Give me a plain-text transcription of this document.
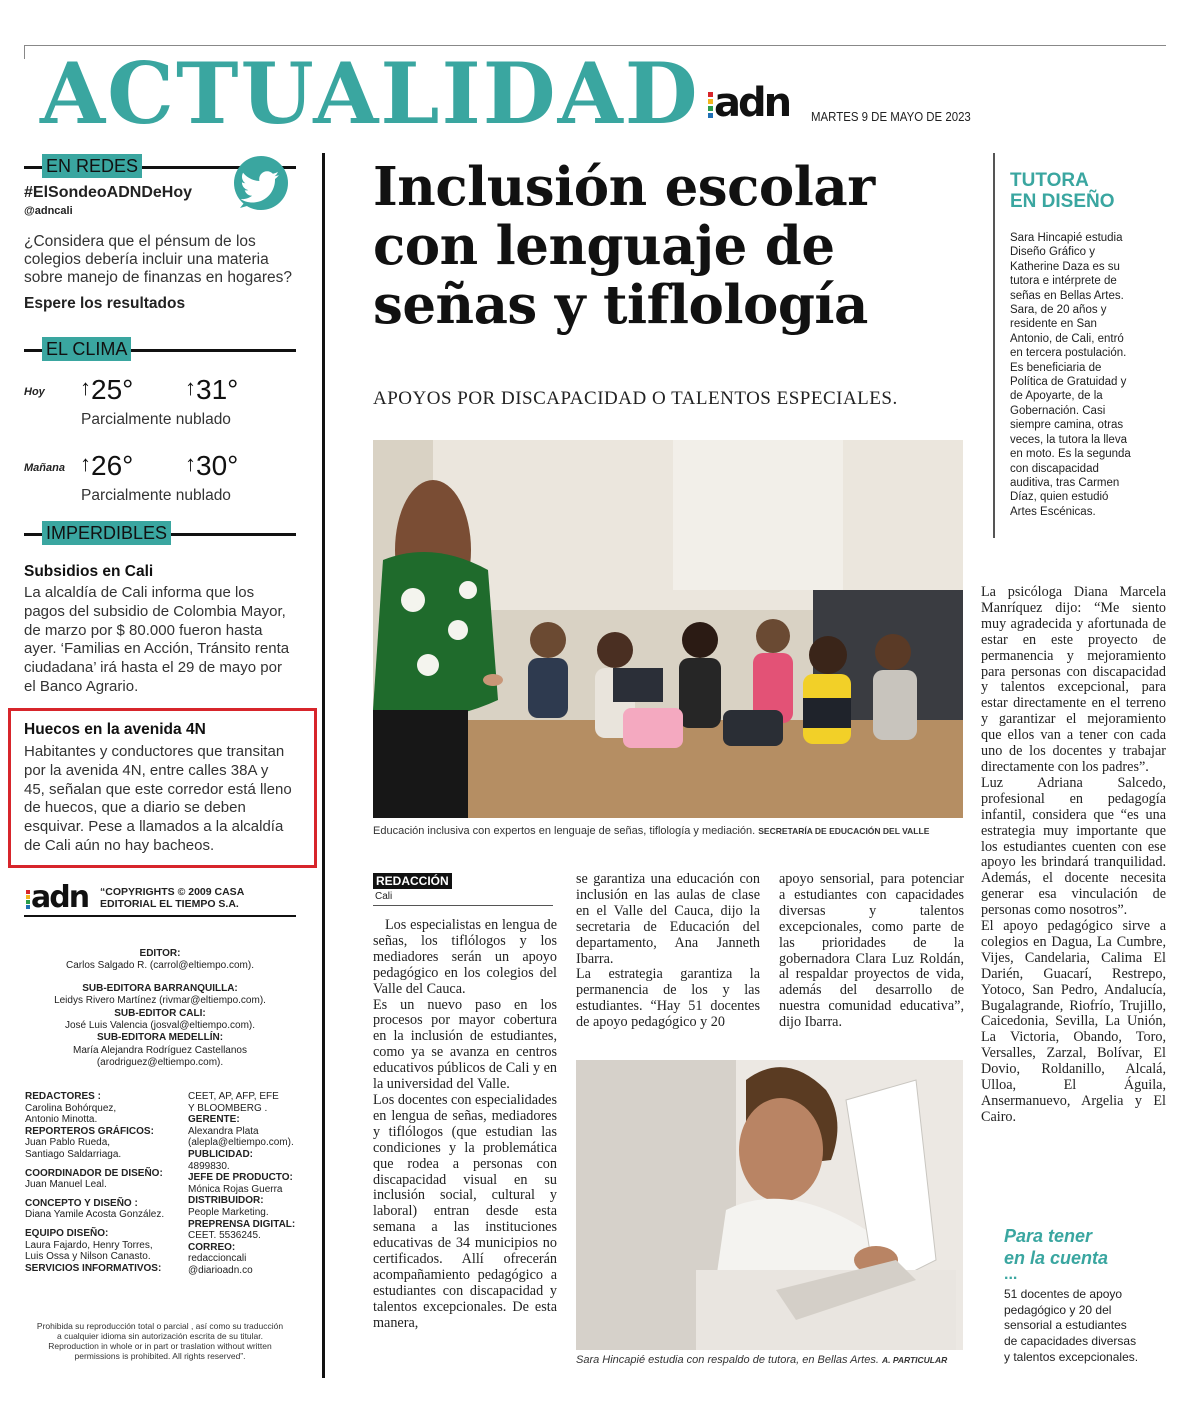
ACTUALIDAD adn MARTES 9 DE MAYO DE 2023
EN REDES
#ElSondeoADNDeHoy
@adncali
¿Considera que el pénsum de los colegios debería incluir una materia sobre manejo de finanzas en hogares?
Espere los resultados
EL CLIMA
Hoy ↑25° ↑31°
Parcialmente nublado
Mañana ↑26° ↑30°
Parcialmente nublado
IMPERDIBLES
Subsidios en Cali
La alcaldía de Cali informa que los
pagos del subsidio de Colombia Mayor,
de marzo por $ 80.000 fueron hasta
ayer. ‘Familias en Acción, Tránsito renta
ciudadana’ irá hasta el 29 de mayo por
el Banco Agrario.
Huecos en la avenida 4N
Habitantes y conductores que transitan
por la avenida 4N, entre calles 38A y
45, señalan que este corredor está lleno
de huecos, que a diario se deben
esquivar. Pese a llamados a la alcaldía
de Cali aún no hay bacheos.
adn “COPYRIGHTS © 2009 CASA
EDITORIAL EL TIEMPO S.A.
EDITOR:
Carlos Salgado R. (carrol@eltiempo.com).
SUB-EDITORA BARRANQUILLA:
Leidys Rivero Martínez (rivmar@eltiempo.com).
SUB-EDITOR CALI:
José Luis Valencia (josval@eltiempo.com).
SUB-EDITORA MEDELLÍN:
María Alejandra Rodríguez Castellanos
(arodriguez@eltiempo.com).
REDACTORES :
Carolina Bohórquez,
Antonio Minotta.
REPORTEROS GRÁFICOS:
Juan Pablo Rueda,
Santiago Saldarriaga.
COORDINADOR DE DISEÑO:
Juan Manuel Leal.
CONCEPTO Y DISEÑO :
Diana Yamile Acosta González.
EQUIPO DISEÑO:
Laura Fajardo, Henry Torres,
Luis Ossa y Nilson Canasto.
SERVICIOS INFORMATIVOS:
CEET, AP, AFP, EFE
Y BLOOMBERG .
GERENTE:
Alexandra Plata
(alepla@eltiempo.com).
PUBLICIDAD:
4899830.
JEFE DE PRODUCTO:
Mónica Rojas Guerra
DISTRIBUIDOR:
People Marketing.
PREPRENSA DIGITAL:
CEET. 5536245.
CORREO:
redaccioncali
@diarioadn.co
Prohibida su reproducción total o parcial , así como su traducción
a cualquier idioma sin autorización escrita de su titular.
Reproduction in whole or in part or traslation without written
permissions is prohibited. All rights reserved”.
Inclusión escolar
con lenguaje de
señas y tiflología
APOYOS POR DISCAPACIDAD O TALENTOS ESPECIALES.
Educación inclusiva con expertos en lenguaje de señas, tiflología y mediación. SECRETARÍA DE EDUCACIÓN DEL VALLE
REDACCIÓN
Cali
Los especialistas en lengua de señas, los tiflólogos y los mediadores serán un apoyo pedagógico en los colegios del Valle del Cauca.
Es un nuevo paso en los procesos por mayor cobertura en la inclusión de estudiantes, como ya se avanza en centros educativos públicos de Cali y en la universidad del Valle.
Los docentes con especialidades en lengua de señas, mediadores y tiflólogos (que estudian las condiciones y la problemática que rodea a personas con discapacidad visual en su inclusión social, cultural y laboral) entran desde esta semana a las instituciones educativas de 34 municipios no certificados. Allí ofrecerán acompañamiento pedagógico a estudiantes con discapacidad y talentos excepcionales. De esta manera,
se garantiza una educación con inclusión en las aulas de clase en el Valle del Cauca, dijo la secretaria de Educación del departamento, Ana Janneth Ibarra.
La estrategia garantiza la permanencia de los y las estudiantes. “Hay 51 docentes de apoyo pedagógico y 20
apoyo sensorial, para potenciar a estudiantes con capacidades diversas y talentos excepcionales, como parte de las prioridades de la gobernadora Clara Luz Roldán, al respaldar proyectos de vida, además del desarrollo de nuestra comunidad educativa”, dijo Ibarra.
Sara Hincapié estudia con respaldo de tutora, en Bellas Artes. A. PARTICULAR
TUTORA
EN DISEÑO
Sara Hincapié estudia
Diseño Gráfico y
Katherine Daza es su
tutora e intérprete de
señas en Bellas Artes.
Sara, de 20 años y
residente en San
Antonio, de Cali, entró
en tercera postulación.
Es beneficiaria de
Política de Gratuidad y
de Apoyarte, de la
Gobernación. Casi
siempre camina, otras
veces, la tutora la lleva
en moto. Es la segunda
con discapacidad
auditiva, tras Carmen
Díaz, quien estudió
Artes Escénicas.
La psicóloga Diana Marcela Manríquez dijo: “Me siento muy agradecida y afortunada de estar en este proyecto de permanencia y mejoramiento para personas con discapacidad y talentos excepcional, para estar directamente en el terreno y garantizar el mejoramiento que ellos van a tener con cada uno de los docentes y trabajar directamente con los padres”.
Luz Adriana Salcedo, profesional en pedagogía infantil, considera que “es una estrategia muy importante que los estudiantes cuenten con ese apoyo les brindará tranquilidad. Además, el docente necesita generar esa vinculación de personas como nosotros”.
El apoyo pedagógico sirve a colegios en Dagua, La Cumbre, Vijes, Candelaria, Calima El Darién, Guacarí, Restrepo, Yotoco, San Pedro, Andalucía, Bugalagrande, Riofrío, Trujillo, Caicedonia, Sevilla, La Unión, La Victoria, Obando, Toro, Versalles, Zarzal, Bolívar, El Dovio, Roldanillo, Alcalá, Ulloa, El Águila, Ansermanuevo, Argelia y El Cairo.
Para tener
en la cuenta
...
51 docentes de apoyo
pedagógico y 20 del
sensorial a estudiantes
de capacidades diversas
y talentos excepcionales.
